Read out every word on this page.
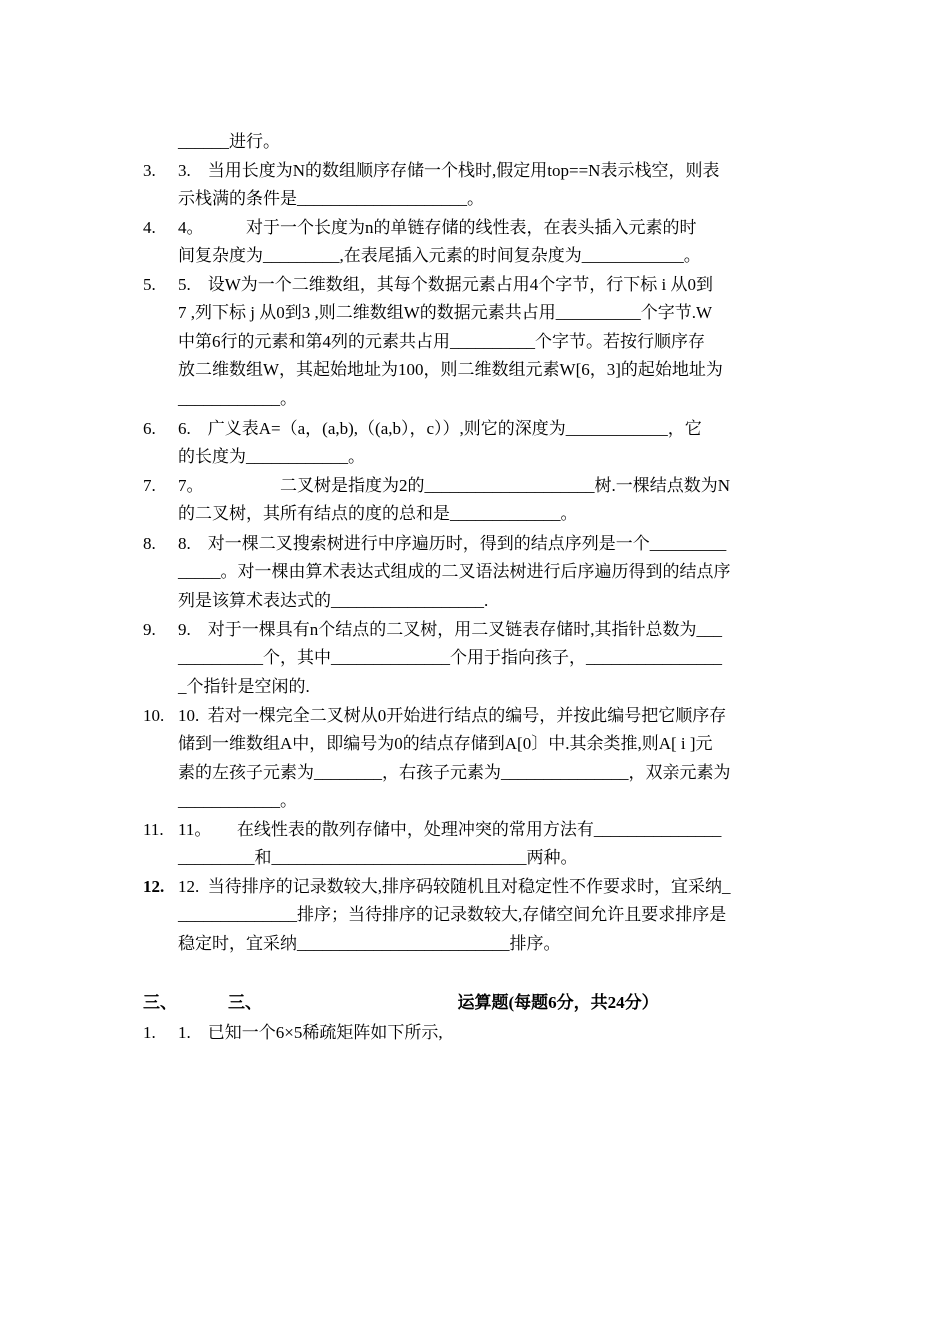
______进行。
3. 3.　当用长度为N的数组顺序存储一个栈时,假定用top==N表示栈空，则表
示栈满的条件是____________________。
4. 4。　　　对于一个长度为n的单链存储的线性表，在表头插入元素的时
间复杂度为_________,在表尾插入元素的时间复杂度为____________。
5. 5.　设W为一个二维数组，其每个数据元素占用4个字节，行下标 i 从0到
7 ,列下标 j 从0到3 ,则二维数组W的数据元素共占用__________个字节.W
中第6行的元素和第4列的元素共占用__________个字节。若按行顺序存
放二维数组W，其起始地址为100，则二维数组元素W[6，3]的起始地址为
____________。
6. 6.　广义表A=（a，(a,b),（(a,b），c））,则它的深度为____________，它
的长度为____________。
7. 7。　　　　　二叉树是指度为2的____________________树.一棵结点数为N
的二叉树，其所有结点的度的总和是_____________。
8. 8.　对一棵二叉搜索树进行中序遍历时，得到的结点序列是一个_________
_____。对一棵由算术表达式组成的二叉语法树进行后序遍历得到的结点序
列是该算术表达式的__________________.
9. 9.　对于一棵具有n个结点的二叉树，用二叉链表存储时,其指针总数为___
__________个，其中______________个用于指向孩子，________________
_个指针是空闲的.
10. 10.  若对一棵完全二叉树从0开始进行结点的编号，并按此编号把它顺序存
储到一维数组A中，即编号为0的结点存储到A[0〕中.其余类推,则A[ i ]元
素的左孩子元素为________，右孩子元素为_______________，双亲元素为
____________。
11. 11。　　在线性表的散列存储中，处理冲突的常用方法有_______________
_________和______________________________两种。
12. 12.  当待排序的记录数较大,排序码较随机且对稳定性不作要求时，宜采纳_
______________排序；当待排序的记录数较大,存储空间允许且要求排序是
稳定时，宜采纳_________________________排序。
三、	三、　　　　　　　　　　　　运算题(每题6分，共24分）
1. 1.　已知一个6×5稀疏矩阵如下所示,
